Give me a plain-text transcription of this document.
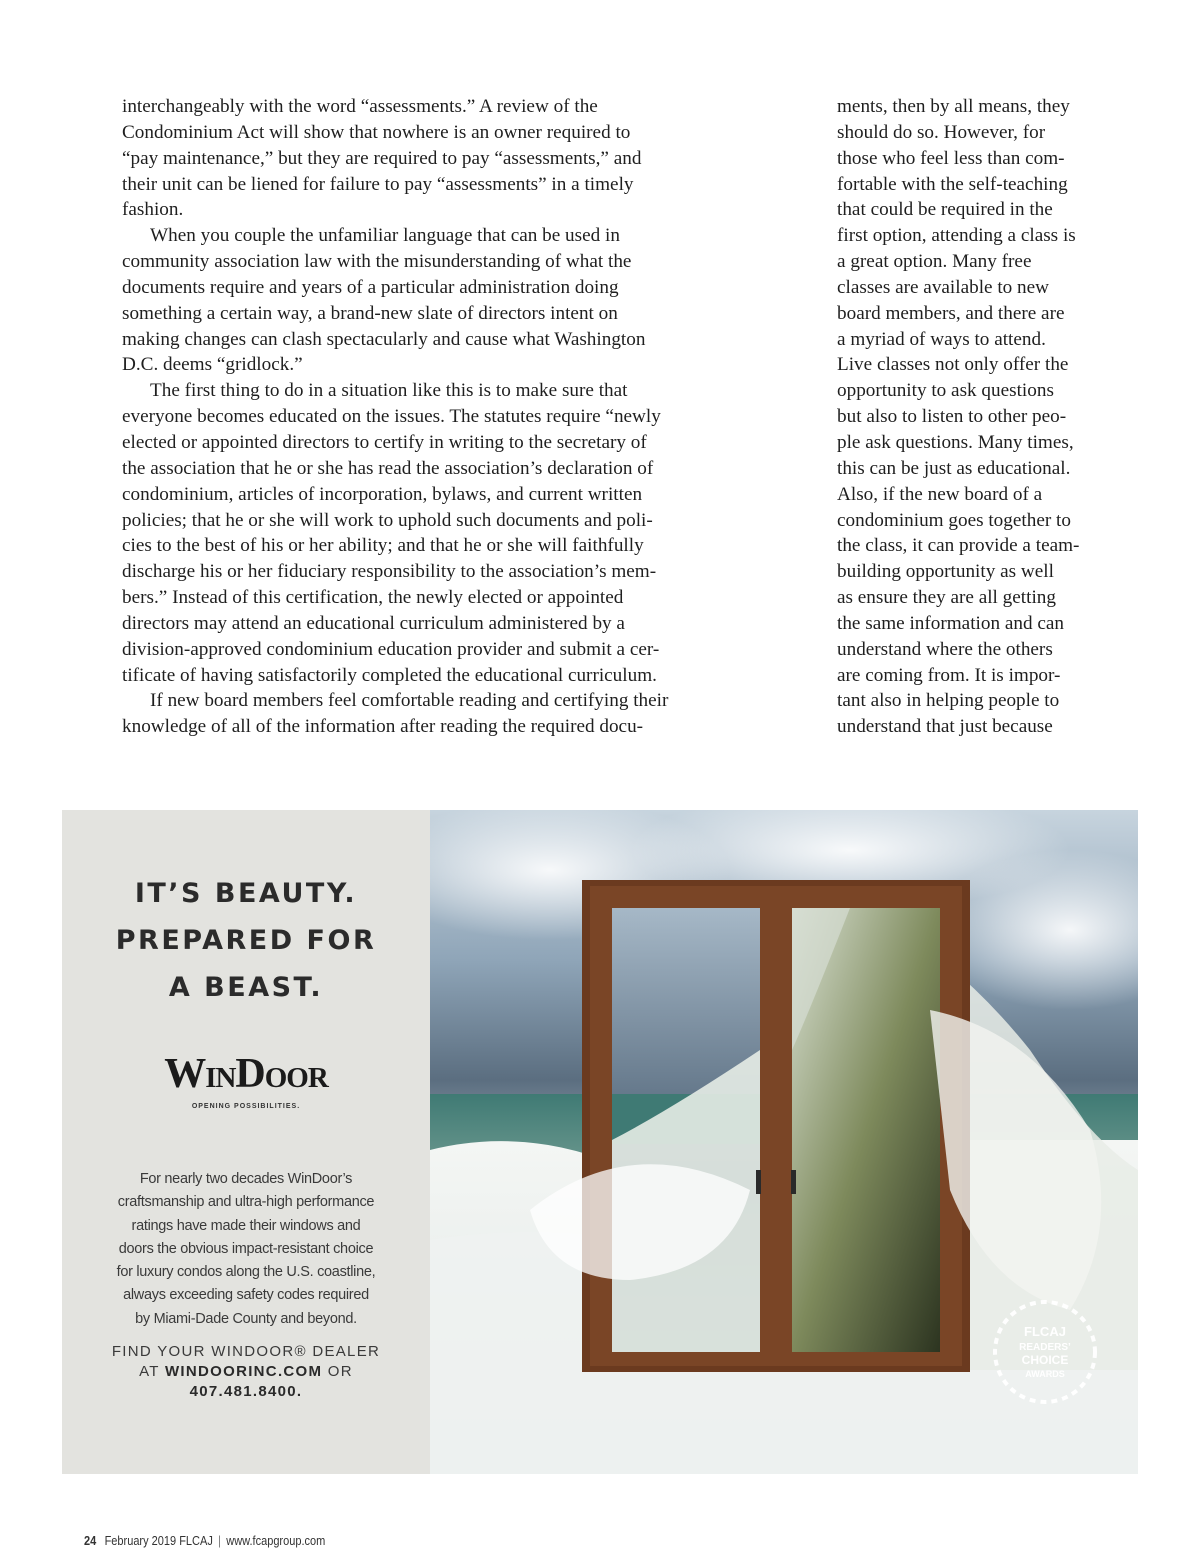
interchangeably with the word “assessments.” A review of the
Condominium Act will show that nowhere is an owner required to
“pay maintenance,” but they are required to pay “assessments,” and
their unit can be liened for failure to pay “assessments” in a timely
fashion.
When you couple the unfamiliar language that can be used in
community association law with the misunderstanding of what the
documents require and years of a particular administration doing
something a certain way, a brand-new slate of directors intent on
making changes can clash spectacularly and cause what Washington
D.C. deems “gridlock.”
The first thing to do in a situation like this is to make sure that
everyone becomes educated on the issues. The statutes require “newly
elected or appointed directors to certify in writing to the secretary of
the association that he or she has read the association’s declaration of
condominium, articles of incorporation, bylaws, and current written
policies; that he or she will work to uphold such documents and poli-
cies to the best of his or her ability; and that he or she will faithfully
discharge his or her fiduciary responsibility to the association’s mem-
bers.” Instead of this certification, the newly elected or appointed
directors may attend an educational curriculum administered by a
division-approved condominium education provider and submit a cer-
tificate of having satisfactorily completed the educational curriculum.
If new board members feel comfortable reading and certifying their
knowledge of all of the information after reading the required docu-
ments, then by all means, they
should do so. However, for
those who feel less than com-
fortable with the self-teaching
that could be required in the
first option, attending a class is
a great option. Many free
classes are available to new
board members, and there are
a myriad of ways to attend.
Live classes not only offer the
opportunity to ask questions
but also to listen to other peo-
ple ask questions. Many times,
this can be just as educational.
Also, if the new board of a
condominium goes together to
the class, it can provide a team-
building opportunity as well
as ensure they are all getting
the same information and can
understand where the others
are coming from. It is impor-
tant also in helping people to
understand that just because
IT’S BEAUTY.
PREPARED FOR
A BEAST.
WinDoor
OPENING POSSIBILITIES.
For nearly two decades WinDoor’s
craftsmanship and ultra-high performance
ratings have made their windows and
doors the obvious impact-resistant choice
for luxury condos along the U.S. coastline,
always exceeding safety codes required
by Miami-Dade County and beyond.
FIND YOUR WINDOOR® DEALER
AT WINDOORINC.COM OR
407.481.8400.
FLCAJ
READERS’
CHOICE
AWARDS
24 February 2019 FLCAJ | www.fcapgroup.com
